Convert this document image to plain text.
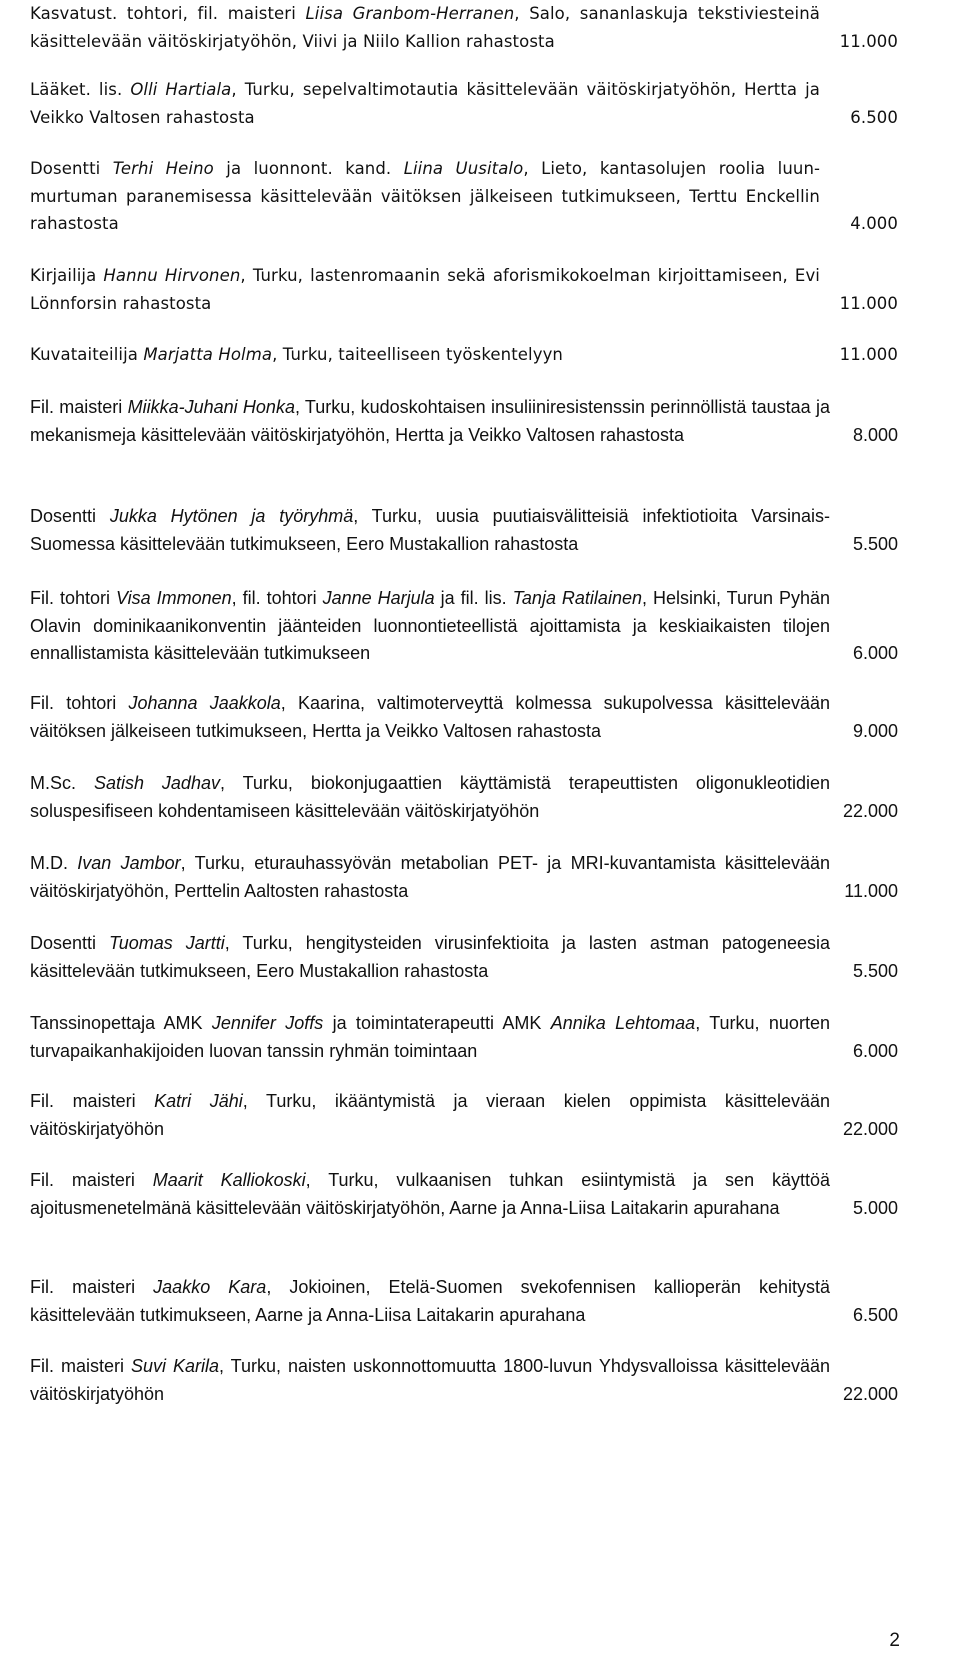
Kasvatust. tohtori, fil. maisteri Liisa Granbom-Herranen, Salo, sananlaskuja tekstiviesteinä käsittelevään väitöskirjatyöhön, Viivi ja Niilo Kallion rahastosta	11.000
Lääket. lis. Olli Hartiala, Turku, sepelvaltimotautia käsittelevään väitöskirjatyöhön, Hertta ja Veikko Valtosen rahastosta	6.500
Dosentti Terhi Heino ja luonnont. kand. Liina Uusitalo, Lieto, kantasolujen roolia luunmurtuman paranemisessa käsittelevään väitöksen jälkeiseen tutkimukseen, Terttu Enckellin rahastosta	4.000
Kirjailija Hannu Hirvonen, Turku, lastenromaanin sekä aforismikokoelman kirjoittamiseen, Evi Lönnforsin rahastosta	11.000
Kuvataiteilija Marjatta Holma, Turku, taiteelliseen työskentelyyn	11.000
Fil. maisteri Miikka-Juhani Honka, Turku, kudoskohtaisen insuliiniresistenssin perinnöllistä taustaa ja mekanismeja käsittelevään väitöskirjatyöhön, Hertta ja Veikko Valtosen rahastosta	8.000
Dosentti Jukka Hytönen ja työryhmä, Turku, uusia puutiaisvälitteisiä infektiotioita Varsinais-Suomessa käsittelevään tutkimukseen, Eero Mustakallion rahastosta	5.500
Fil. tohtori Visa Immonen, fil. tohtori Janne Harjula ja fil. lis. Tanja Ratilainen, Helsinki, Turun Pyhän Olavin dominikaanikonventin jäänteiden luonnontieteellistä ajoittamista ja keskiaikaisten tilojen ennallistamista käsittelevään tutkimukseen	6.000
Fil. tohtori Johanna Jaakkola, Kaarina, valtimoterveyttä kolmessa sukupolvessa käsittelevään väitöksen jälkeiseen tutkimukseen, Hertta ja Veikko Valtosen rahastosta	9.000
M.Sc. Satish Jadhav, Turku, biokonjugaattien käyttämistä terapeuttisten oligonukleotidien soluspesifiseen kohdentamiseen käsittelevään väitöskirjatyöhön	22.000
M.D. Ivan Jambor, Turku, eturauhassyövän metabolian PET- ja MRI-kuvantamista käsittelevään väitöskirjatyöhön, Perttelin Aaltosten rahastosta	11.000
Dosentti Tuomas Jartti, Turku, hengitysteiden virusinfektioita ja lasten astman patogeneesia käsittelevään tutkimukseen, Eero Mustakallion rahastosta	5.500
Tanssinopettaja AMK Jennifer Joffs ja toimintaterapeutti AMK Annika Lehtomaa, Turku, nuorten turvapaikanhakijoiden luovan tanssin ryhmän toimintaan	6.000
Fil. maisteri Katri Jähi, Turku, ikääntymistä ja vieraan kielen oppimista käsittelevään väitöskirjatyöhön	22.000
Fil. maisteri Maarit Kalliokoski, Turku, vulkaanisen tuhkan esiintymistä ja sen käyttöä ajoitusmenetelmänä käsittelevään väitöskirjatyöhön, Aarne ja Anna-Liisa Laitakarin apurahana	5.000
Fil. maisteri Jaakko Kara, Jokioinen, Etelä-Suomen svekofennisen kallioperän kehitystä käsittelevään tutkimukseen, Aarne ja Anna-Liisa Laitakarin apurahana	6.500
Fil. maisteri Suvi Karila, Turku, naisten uskonnottomuutta 1800-luvun Yhdysvalloissa käsittelevään väitöskirjatyöhön	22.000
2
